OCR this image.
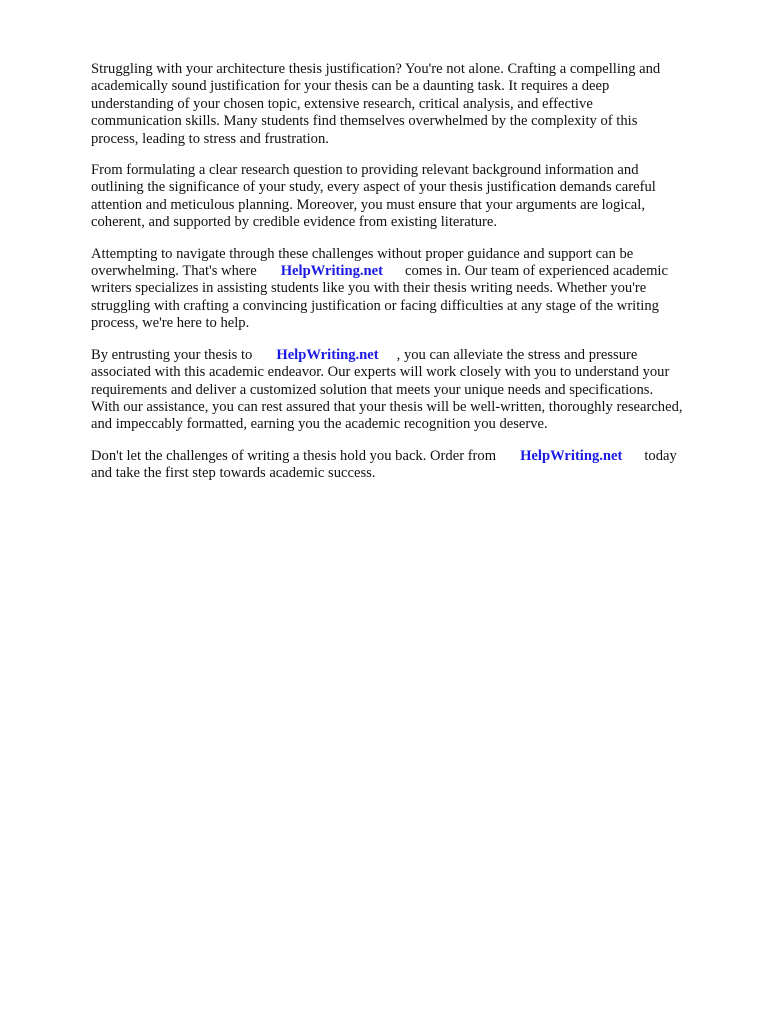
Struggling with your architecture thesis justification? You're not alone. Crafting a compelling and
academically sound justification for your thesis can be a daunting task. It requires a deep
understanding of your chosen topic, extensive research, critical analysis, and effective
communication skills. Many students find themselves overwhelmed by the complexity of this
process, leading to stress and frustration.

From formulating a clear research question to providing relevant background information and
outlining the significance of your study, every aspect of your thesis justification demands careful
attention and meticulous planning. Moreover, you must ensure that your arguments are logical,
coherent, and supported by credible evidence from existing literature.

Attempting to navigate through these challenges without proper guidance and support can be
overwhelming. That's where HelpWriting.net comes in. Our team of experienced academic
writers specializes in assisting students like you with their thesis writing needs. Whether you're
struggling with crafting a convincing justification or facing difficulties at any stage of the writing
process, we're here to help.

By entrusting your thesis to HelpWriting.net , you can alleviate the stress and pressure
associated with this academic endeavor. Our experts will work closely with you to understand your
requirements and deliver a customized solution that meets your unique needs and specifications.
With our assistance, you can rest assured that your thesis will be well-written, thoroughly researched,
and impeccably formatted, earning you the academic recognition you deserve.

Don't let the challenges of writing a thesis hold you back. Order from HelpWriting.net today
and take the first step towards academic success.
